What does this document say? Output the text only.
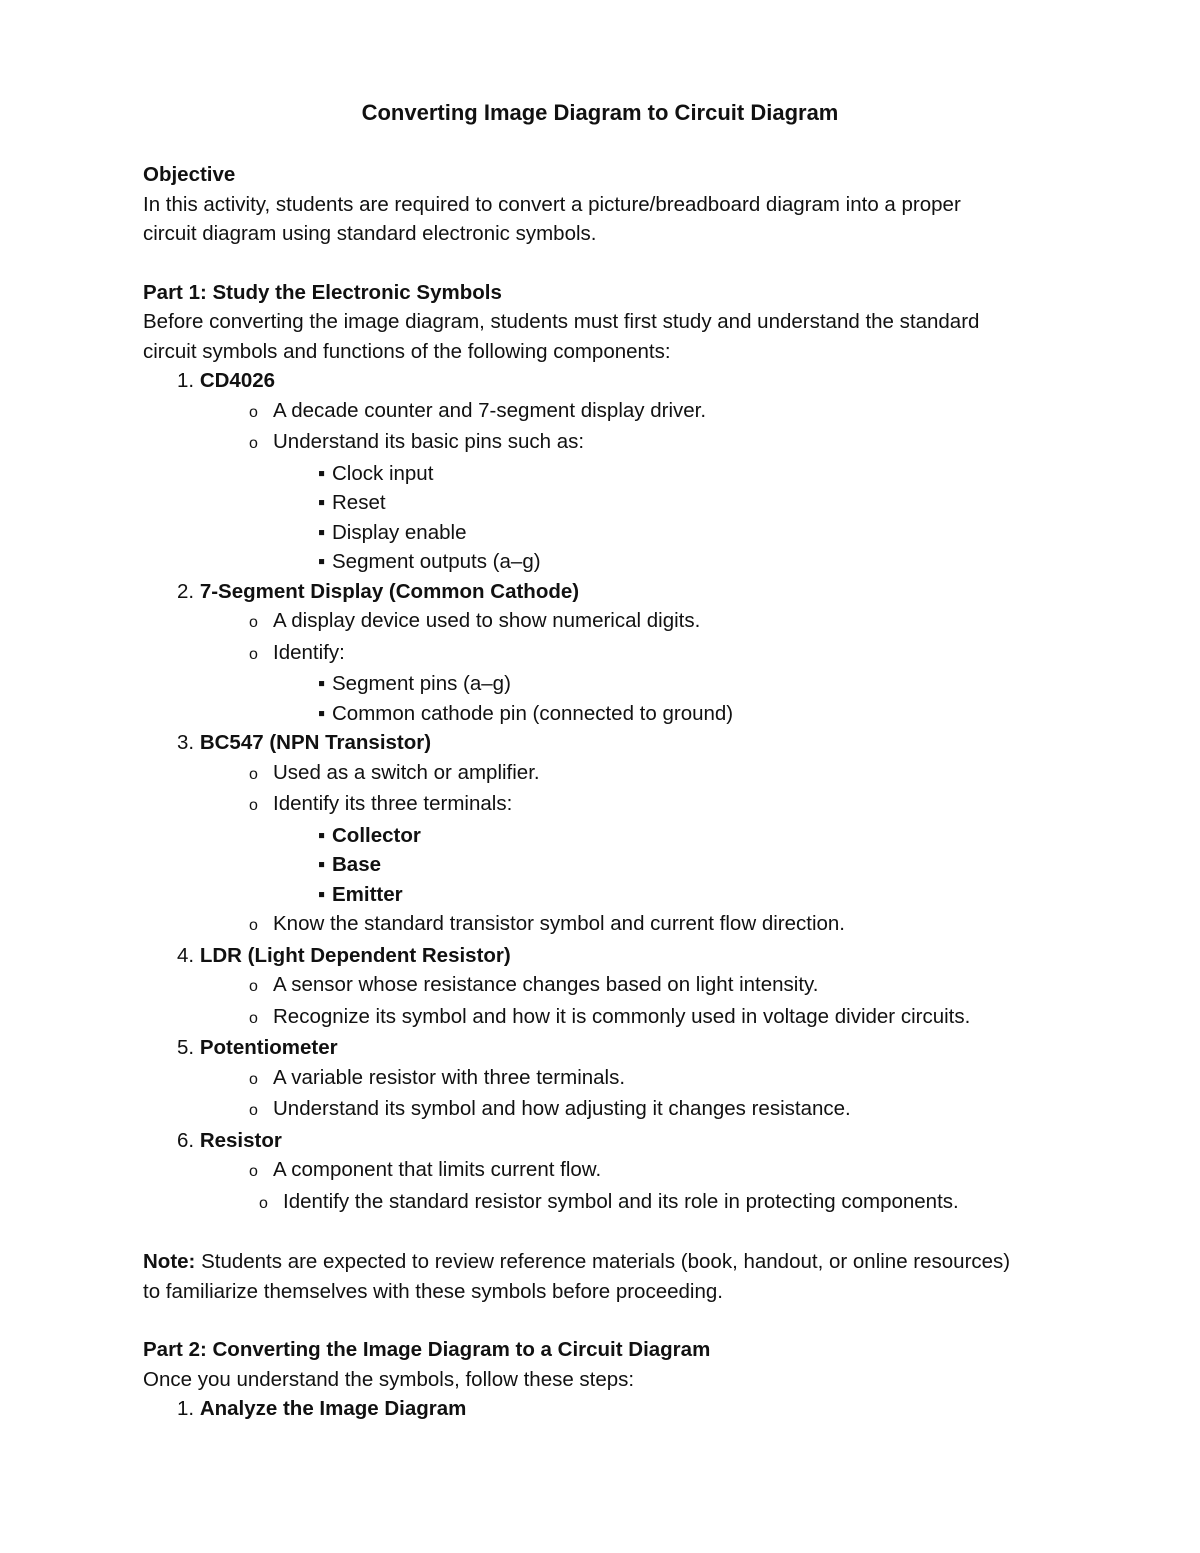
Converting Image Diagram to Circuit Diagram
Objective
In this activity, students are required to convert a picture/breadboard diagram into a proper
circuit diagram using standard electronic symbols.
Part 1: Study the Electronic Symbols
Before converting the image diagram, students must first study and understand the standard
circuit symbols and functions of the following components:
1. CD4026
o A decade counter and 7-segment display driver.
o Understand its basic pins such as:
▪ Clock input
▪ Reset
▪ Display enable
▪ Segment outputs (a–g)
2. 7-Segment Display (Common Cathode)
o A display device used to show numerical digits.
o Identify:
▪ Segment pins (a–g)
▪ Common cathode pin (connected to ground)
3. BC547 (NPN Transistor)
o Used as a switch or amplifier.
o Identify its three terminals:
▪ Collector
▪ Base
▪ Emitter
o Know the standard transistor symbol and current flow direction.
4. LDR (Light Dependent Resistor)
o A sensor whose resistance changes based on light intensity.
o Recognize its symbol and how it is commonly used in voltage divider circuits.
5. Potentiometer
o A variable resistor with three terminals.
o Understand its symbol and how adjusting it changes resistance.
6. Resistor
o A component that limits current flow.
o Identify the standard resistor symbol and its role in protecting components.
Note: Students are expected to review reference materials (book, handout, or online resources)
to familiarize themselves with these symbols before proceeding.
Part 2: Converting the Image Diagram to a Circuit Diagram
Once you understand the symbols, follow these steps:
1. Analyze the Image Diagram
